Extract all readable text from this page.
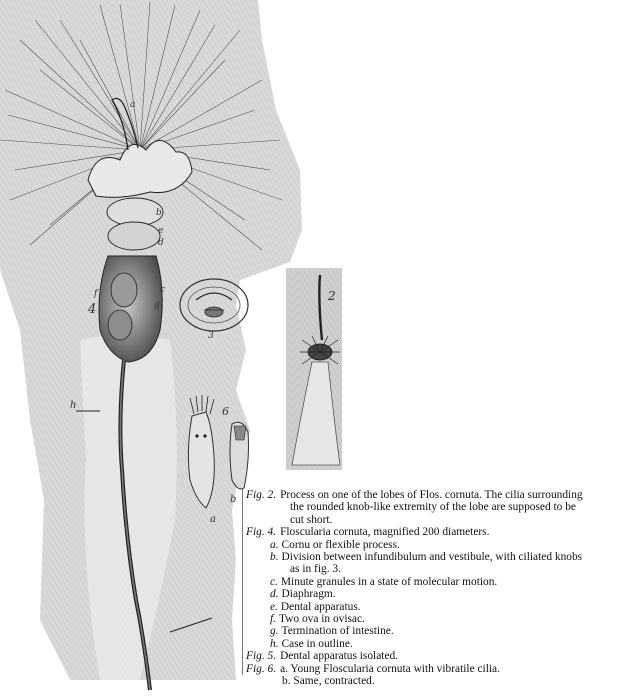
4
3
2
6
a
b
h
b
e
d
c
g
f
a
Fig. 2. Process on one of the lobes of Flos. cornuta. The cilia surrounding
the rounded knob-like extremity of the lobe are supposed to be
cut short.
Fig. 4. Floscularia cornuta, magnified 200 diameters.
a. Cornu or flexible process.
b. Division between infundibulum and vestibule, with ciliated knobs
as in fig. 3.
c. Minute granules in a state of molecular motion.
d. Diaphragm.
e. Dental apparatus.
f. Two ova in ovisac.
g. Termination of intestine.
h. Case in outline.
Fig. 5. Dental apparatus isolated.
Fig. 6. a. Young Floscularia cornuta with vibratile cilia.
b. Same, contracted.
